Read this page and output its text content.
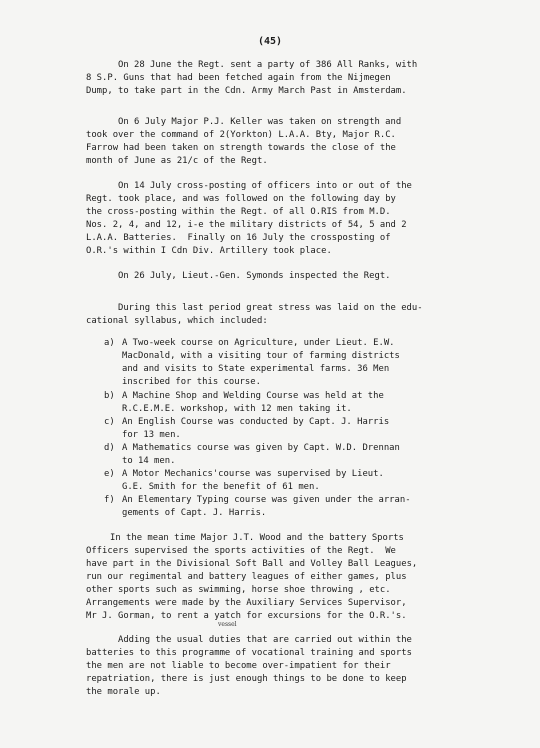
(45)
On 28 June the Regt. sent a party of 386 All Ranks, with
8 S.P. Guns that had been fetched again from the Nijmegen
Dump, to take part in the Cdn. Army March Past in Amsterdam.
On 6 July Major P.J. Keller was taken on strength and
took over the command of 2(Yorkton) L.A.A. Bty, Major R.C.
Farrow had been taken on strength towards the close of the
month of June as 21/c of the Regt.
On 14 July cross-posting of officers into or out of the
Regt. took place, and was followed on the following day by
the cross-posting within the Regt. of all O.RIS from M.D.
Nos. 2, 4, and 12, i-e the military districts of 54, 5 and 2
L.A.A. Batteries.  Finally on 16 July the crossposting of
O.R.'s within I Cdn Div. Artillery took place.
On 26 July, Lieut.-Gen. Symonds inspected the Regt.
During this last period great stress was laid on the edu-
cational syllabus, which included:
a) A Two-week course on Agriculture, under Lieut. E.W.
MacDonald, with a visiting tour of farming districts
and and visits to State experimental farms. 36 Men
inscribed for this course.
b) A Machine Shop and Welding Course was held at the
R.C.E.M.E. workshop, with 12 men taking it.
c) An English Course was conducted by Capt. J. Harris
for 13 men.
d) A Mathematics course was given by Capt. W.D. Drennan
to 14 men.
e) A Motor Mechanics'course was supervised by Lieut.
G.E. Smith for the benefit of 61 men.
f) An Elementary Typing course was given under the arran-
gements of Capt. J. Harris.
In the mean time Major J.T. Wood and the battery Sports
Officers supervised the sports activities of the Regt.  We
have part in the Divisional Soft Ball and Volley Ball Leagues,
run our regimental and battery leagues of either games, plus
other sports such as swimming, horse shoe throwing , etc.
Arrangements were made by the Auxiliary Services Supervisor,
Mr J. Gorman, to rent a yatch for excursions for the O.R.'s.
vessel
Adding the usual duties that are carried out within the
batteries to this programme of vocational training and sports
the men are not liable to become over-impatient for their
repatriation, there is just enough things to be done to keep
the morale up.
